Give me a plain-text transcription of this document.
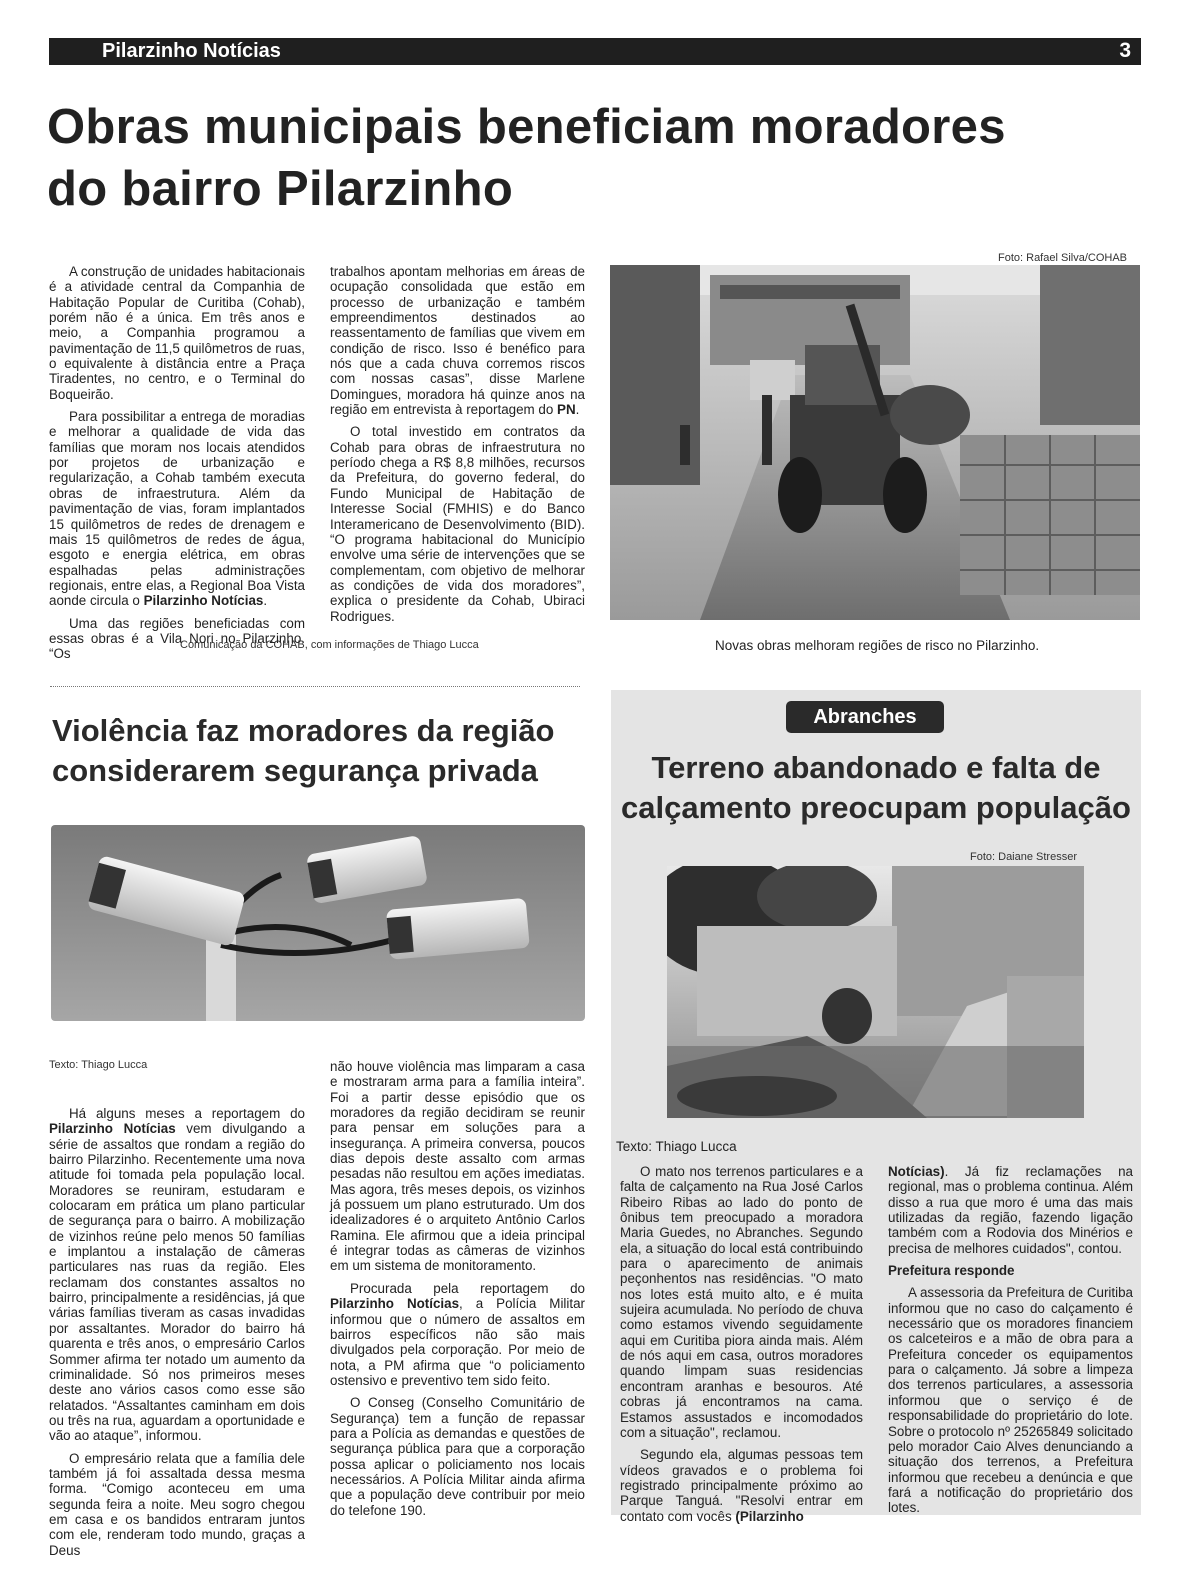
Pilarzinho Notícias	3
Obras municipais beneficiam moradores
do bairro Pilarzinho

A construção de unidades habitacionais é a atividade central da Companhia de Habitação Popular de Curitiba (Cohab), porém não é a única. Em três anos e meio, a Companhia programou a pavimentação de 11,5 quilômetros de ruas, o equivalente à distância entre a Praça Tiradentes, no centro, e o Terminal do Boqueirão.

Para possibilitar a entrega de moradias e melhorar a qualidade de vida das famílias que moram nos locais atendidos por projetos de urbanização e regularização, a Cohab também executa obras de infraestrutura. Além da pavimentação de vias, foram implantados 15 quilômetros de redes de drenagem e mais 15 quilômetros de redes de água, esgoto e energia elétrica, em obras espalhadas pelas administrações regionais, entre elas, a Regional Boa Vista aonde circula o Pilarzinho Notícias.

Uma das regiões beneficiadas com essas obras é a Vila Nori no Pilarzinho. “Os

trabalhos apontam melhorias em áreas de ocupação consolidada que estão em processo de urbanização e também empreendimentos destinados ao reassentamento de famílias que vivem em condição de risco. Isso é benéfico para nós que a cada chuva corremos riscos com nossas casas”, disse Marlene Domingues, moradora há quinze anos na região em entrevista à reportagem do PN.

O total investido em contratos da Cohab para obras de infraestrutura no período chega a R$ 8,8 milhões, recursos da Prefeitura, do governo federal, do Fundo Municipal de Habitação de Interesse Social (FMHIS) e do Banco Interamericano de Desenvolvimento (BID). “O programa habitacional do Município envolve uma série de intervenções que se complementam, com objetivo de melhorar as condições de vida dos moradores”, explica o presidente da Cohab, Ubiraci Rodrigues.

Foto: Rafael Silva/COHAB
Novas obras melhoram regiões de risco no Pilarzinho.
Comunicação da COHAB, com informações de Thiago Lucca
Violência faz moradores da região
considerarem segurança privada
Texto: Thiago Lucca

Há alguns meses a reportagem do Pilarzinho Notícias vem divulgando a série de assaltos que rondam a região do bairro Pilarzinho. Recentemente uma nova atitude foi tomada pela população local. Moradores se reuniram, estudaram e colocaram em prática um plano particular de segurança para o bairro. A mobilização de vizinhos reúne pelo menos 50 famílias e implantou a instalação de câmeras particulares nas ruas da região. Eles reclamam dos constantes assaltos no bairro, principalmente a residências, já que várias famílias tiveram as casas invadidas por assaltantes. Morador do bairro há quarenta e três anos, o empresário Carlos Sommer afirma ter notado um aumento da criminalidade. Só nos primeiros meses deste ano vários casos como esse são relatados. “Assaltantes caminham em dois ou três na rua, aguardam a oportunidade e vão ao ataque”, informou.

O empresário relata que a família dele também já foi assaltada dessa mesma forma. “Comigo aconteceu em uma segunda feira a noite. Meu sogro chegou em casa e os bandidos entraram juntos com ele, renderam todo mundo, graças a Deus

não houve violência mas limparam a casa e mostraram arma para a família inteira”. Foi a partir desse episódio que os moradores da região decidiram se reunir para pensar em soluções para a insegurança. A primeira conversa, poucos dias depois deste assalto com armas pesadas não resultou em ações imediatas. Mas agora, três meses depois, os vizinhos já possuem um plano estruturado. Um dos idealizadores é o arquiteto Antônio Carlos Ramina. Ele afirmou que a ideia principal é integrar todas as câmeras de vizinhos em um sistema de monitoramento.

Procurada pela reportagem do Pilarzinho Notícias, a Polícia Militar informou que o número de assaltos em bairros específicos não são mais divulgados pela corporação. Por meio de nota, a PM afirma que “o policiamento ostensivo e preventivo tem sido feito.

O Conseg (Conselho Comunitário de Segurança) tem a função de repassar para a Polícia as demandas e questões de segurança pública para que a corporação possa aplicar o policiamento nos locais necessários. A Polícia Militar ainda afirma que a população deve contribuir por meio do telefone 190.

Abranches
Terreno abandonado e falta de
calçamento preocupam população
Foto: Daiane Stresser
Texto: Thiago Lucca

O mato nos terrenos particulares e a falta de calçamento na Rua José Carlos Ribeiro Ribas ao lado do ponto de ônibus tem preocupado a moradora Maria Guedes, no Abranches. Segundo ela, a situação do local está contribuindo para o aparecimento de animais peçonhentos nas residências. "O mato nos lotes está muito alto, e é muita sujeira acumulada. No período de chuva como estamos vivendo seguidamente aqui em Curitiba piora ainda mais. Além de nós aqui em casa, outros moradores quando limpam suas residencias encontram aranhas e besouros. Até cobras já encontramos na cama. Estamos assustados e incomodados com a situação", reclamou.

Segundo ela, algumas pessoas tem vídeos gravados e o problema foi registrado principalmente próximo ao Parque Tanguá. "Resolvi entrar em contato com vocês (Pilarzinho

Notícias). Já fiz reclamações na regional, mas o problema continua. Além disso a rua que moro é uma das mais utilizadas da região, fazendo ligação também com a Rodovia dos Minérios e precisa de melhores cuidados", contou.

Prefeitura responde

A assessoria da Prefeitura de Curitiba informou que no caso do calçamento é necessário que os moradores financiem os calceteiros e a mão de obra para a Prefeitura conceder os equipamentos para o calçamento. Já sobre a limpeza dos terrenos particulares, a assessoria informou que o serviço é de responsabilidade do proprietário do lote. Sobre o protocolo nº 25265849 solicitado pelo morador Caio Alves denunciando a situação dos terrenos, a Prefeitura informou que recebeu a denúncia e que fará a notificação do proprietário dos lotes.
